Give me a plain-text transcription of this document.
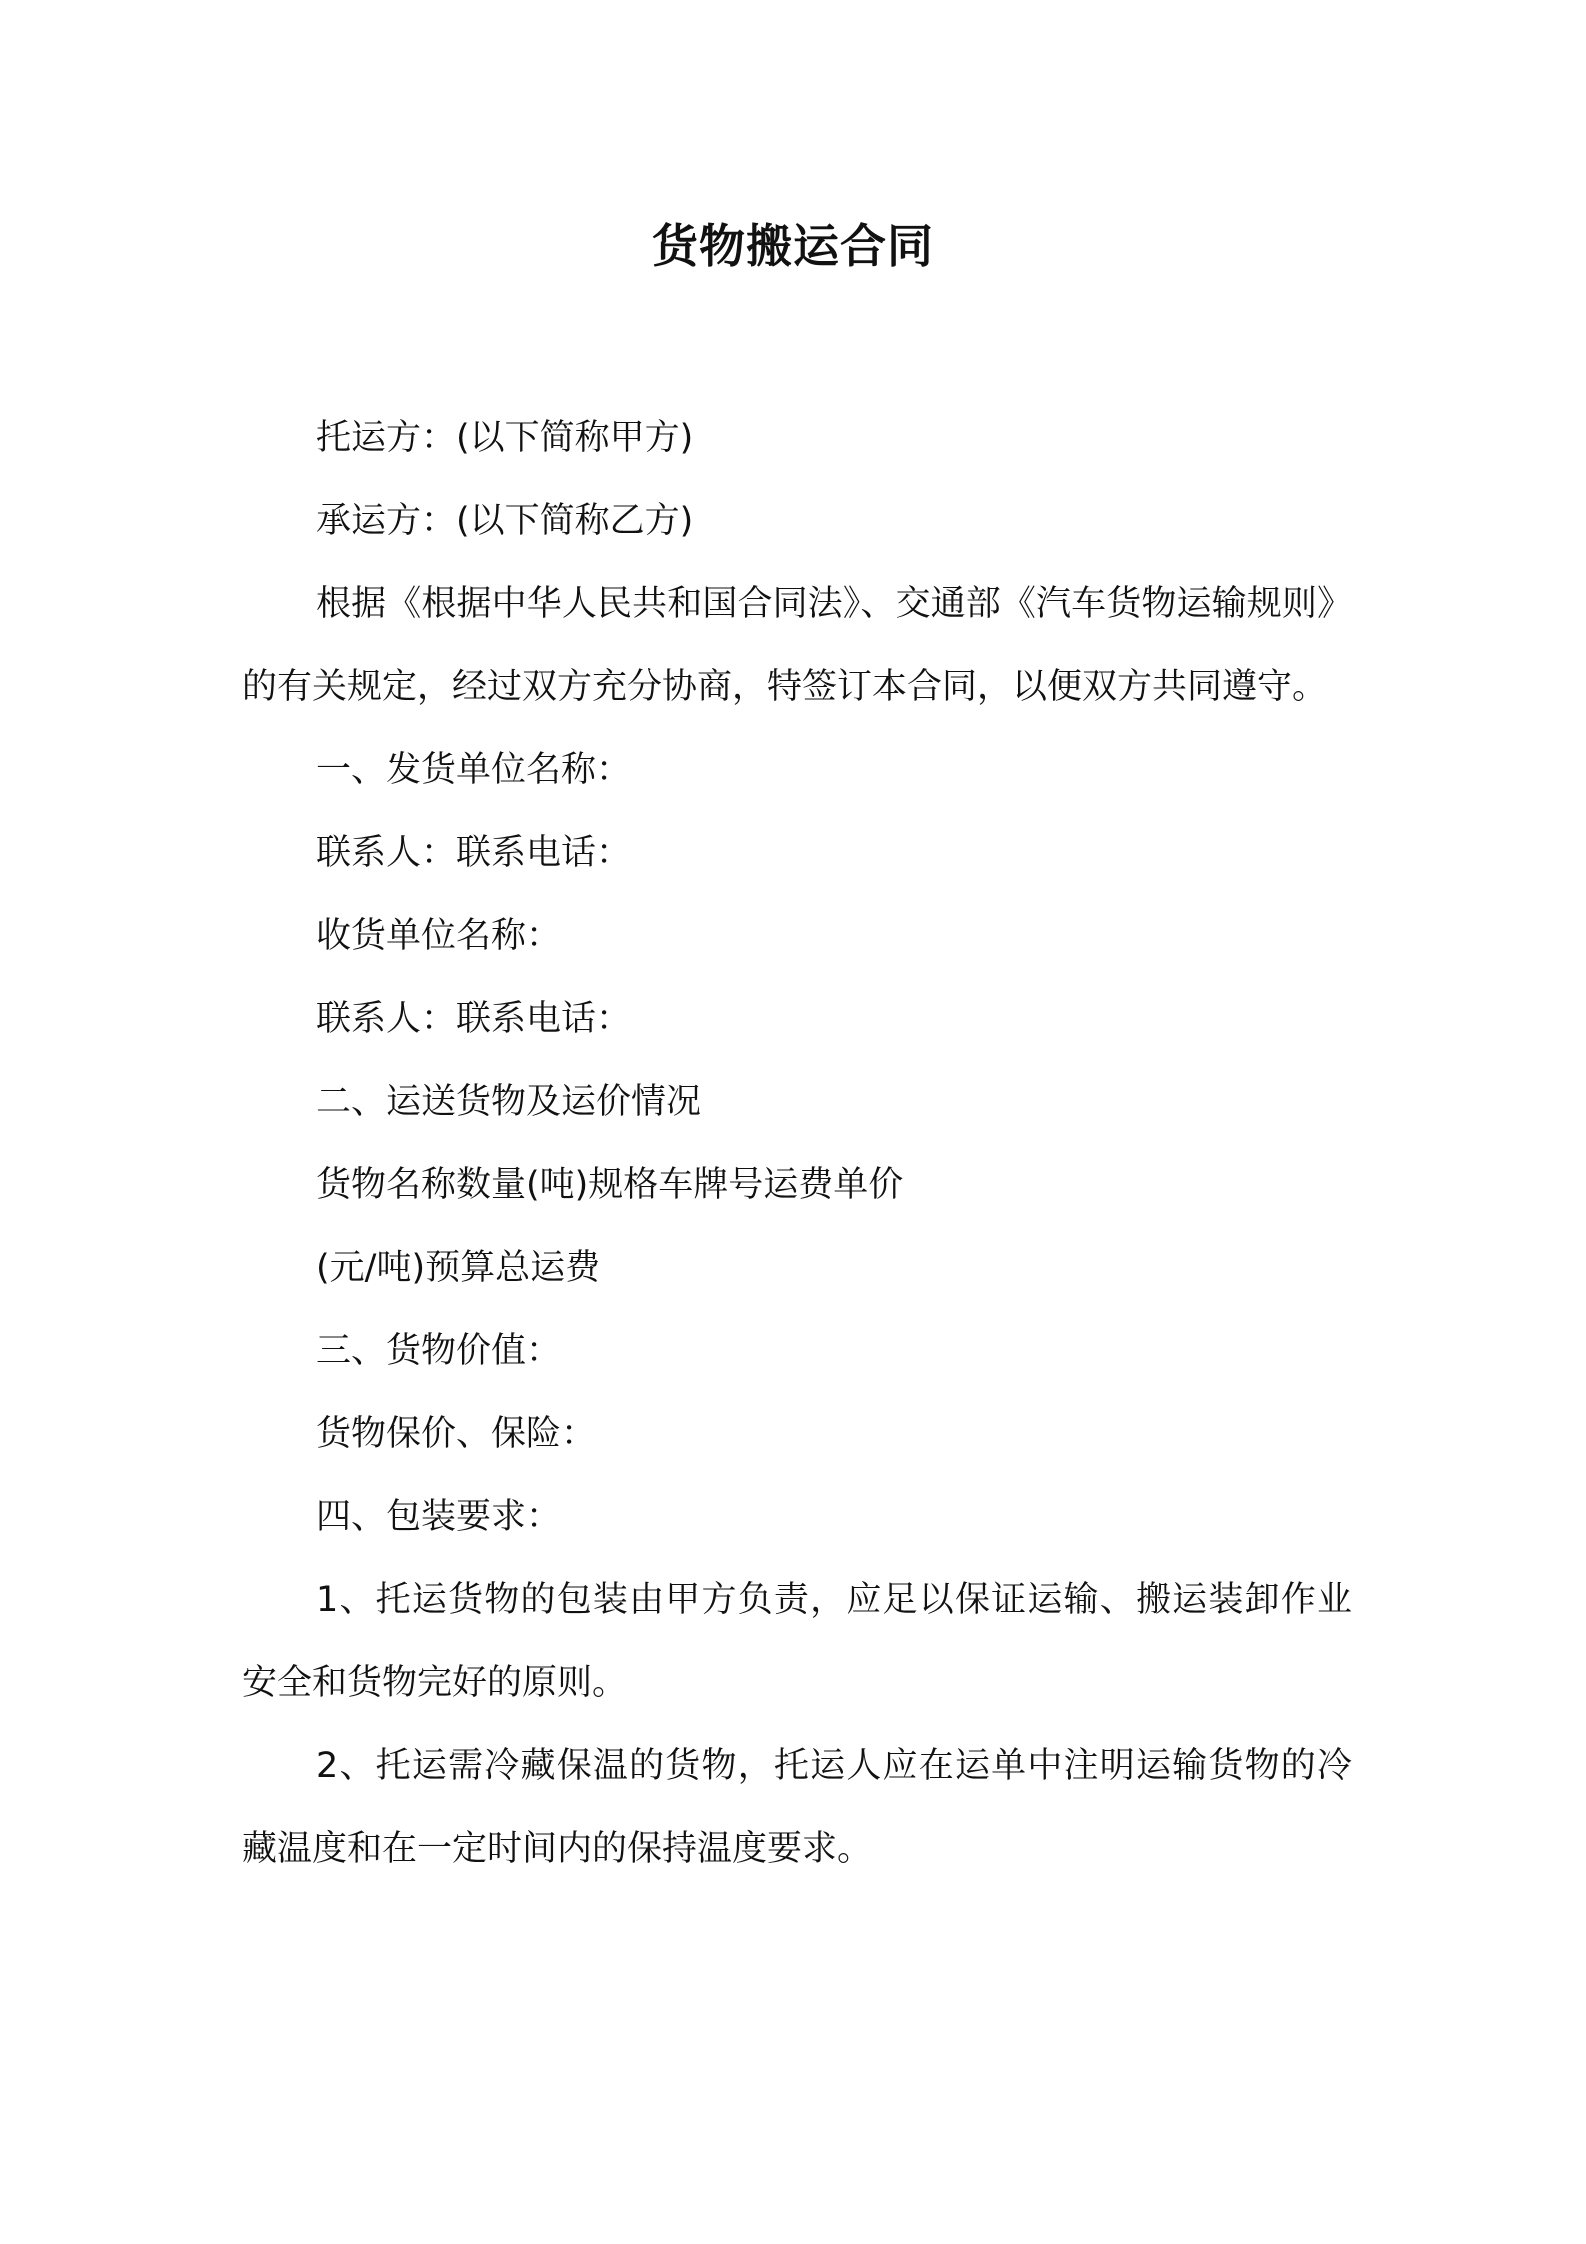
货物搬运合同

托运方：(以下简称甲方)

承运方：(以下简称乙方)

根据《根据中华人民共和国合同法》、交通部《汽车货物运输规则》的有关规定，经过双方充分协商，特签订本合同，以便双方共同遵守。

一、发货单位名称：

联系人：联系电话：

收货单位名称：

联系人：联系电话：

二、运送货物及运价情况

货物名称数量(吨)规格车牌号运费单价

(元/吨)预算总运费

三、货物价值：

货物保价、保险：

四、包装要求：

1、托运货物的包装由甲方负责，应足以保证运输、搬运装卸作业安全和货物完好的原则。

2、托运需冷藏保温的货物，托运人应在运单中注明运输货物的冷藏温度和在一定时间内的保持温度要求。
